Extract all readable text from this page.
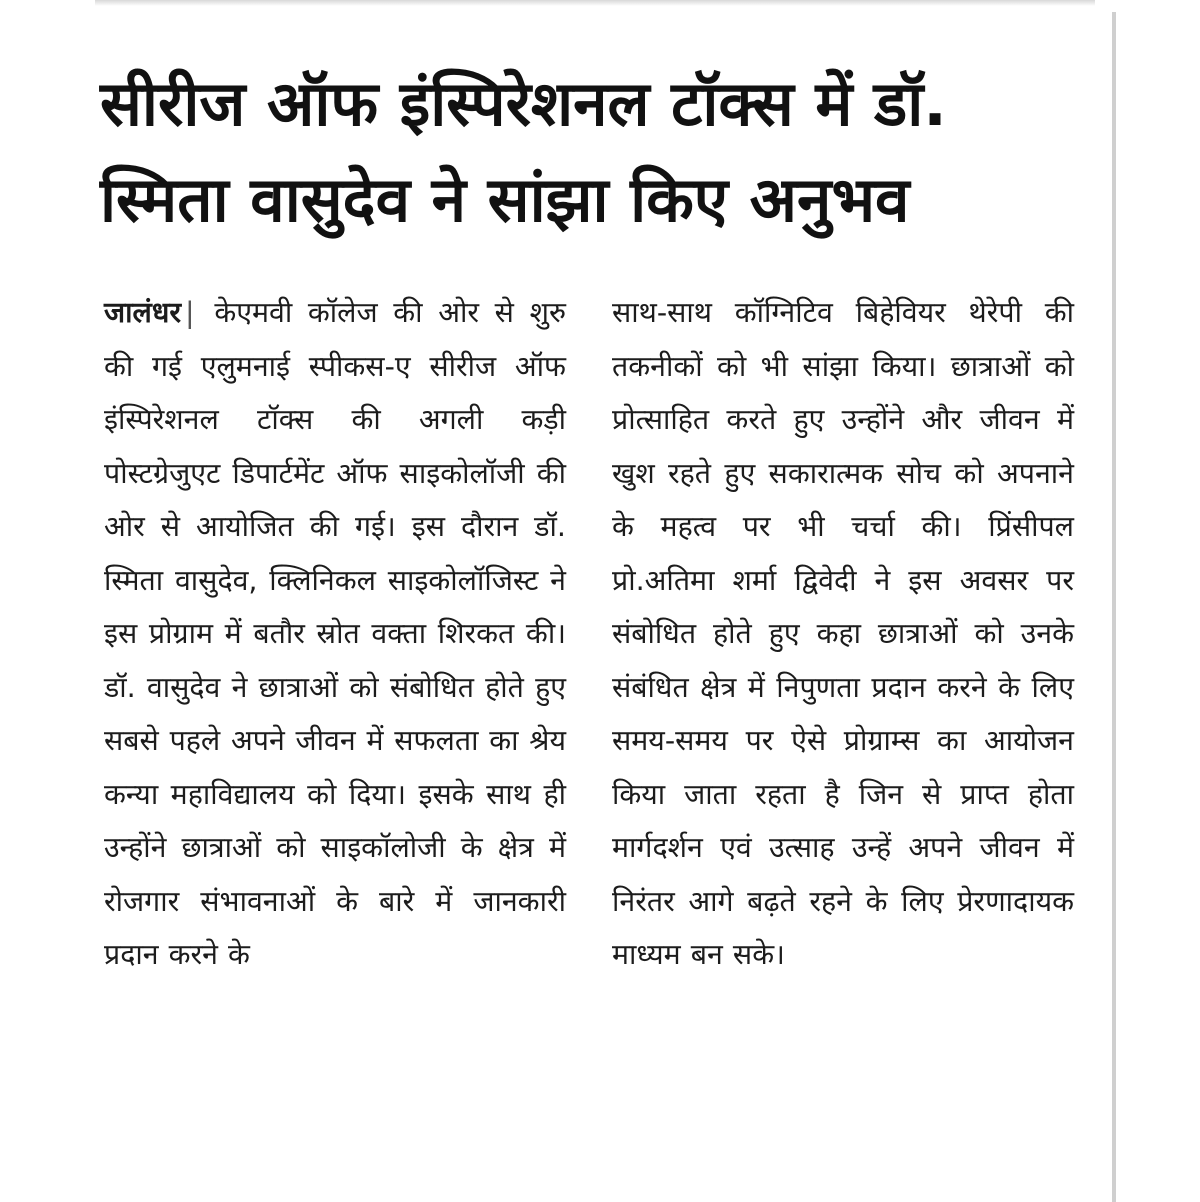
सीरीज ऑफ इंस्पिरेशनल टॉक्स में डॉ.
स्मिता वासुदेव ने सांझा किए अनुभव
जालंधर | केएमवी कॉलेज की ओर से शुरु की गई एलुमनाई स्पीकस-ए सीरीज ऑफ इंस्पिरेशनल टॉक्स की अगली कड़ी पोस्टग्रेजुएट डिपार्टमेंट ऑफ साइकोलॉजी की ओर से आयोजित की गई। इस दौरान डॉ. स्मिता वासुदेव, क्लिनिकल साइकोलॉजिस्ट ने इस प्रोग्राम में बतौर स्रोत वक्ता शिरकत की। डॉ. वासुदेव ने छात्राओं को संबोधित होते हुए सबसे पहले अपने जीवन में सफलता का श्रेय कन्या महाविद्यालय को दिया। इसके साथ ही उन्होंने छात्राओं को साइकॉलोजी के क्षेत्र में रोजगार संभावनाओं के बारे में जानकारी प्रदान करने के
साथ-साथ कॉग्निटिव बिहेवियर थेरेपी की तकनीकों को भी सांझा किया। छात्राओं को प्रोत्साहित करते हुए उन्होंने और जीवन में खुश रहते हुए सकारात्मक सोच को अपनाने के महत्व पर भी चर्चा की। प्रिंसीपल प्रो.अतिमा शर्मा द्विवेदी ने इस अवसर पर संबोधित होते हुए कहा छात्राओं को उनके संबंधित क्षेत्र में निपुणता प्रदान करने के लिए समय-समय पर ऐसे प्रोग्राम्स का आयोजन किया जाता रहता है जिन से प्राप्त होता मार्गदर्शन एवं उत्साह उन्हें अपने जीवन में निरंतर आगे बढ़ते रहने के लिए प्रेरणादायक माध्यम बन सके।
